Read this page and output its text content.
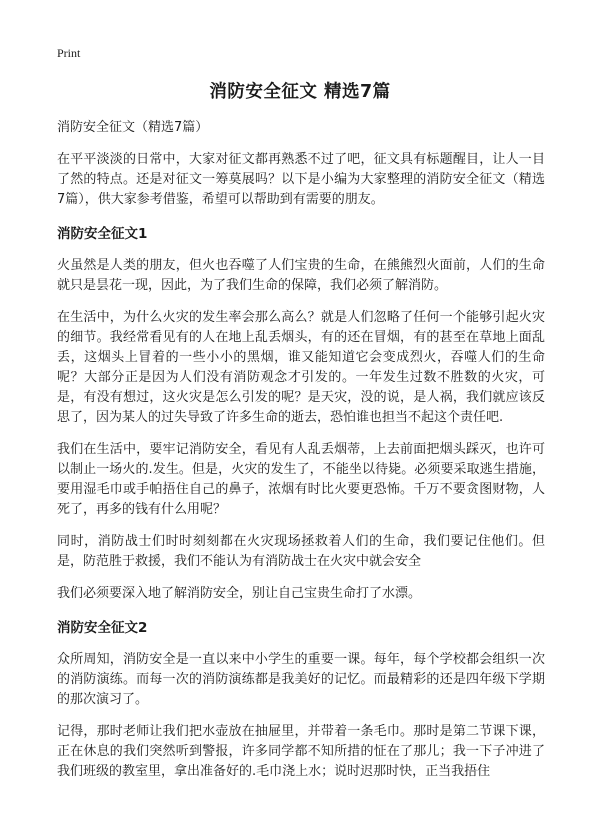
Print
消防安全征文 精选7篇
消防安全征文（精选7篇）

在平平淡淡的日常中，大家对征文都再熟悉不过了吧，征文具有标题醒目，让人一目了然的特点。还是对征文一筹莫展吗？以下是小编为大家整理的消防安全征文（精选7篇），供大家参考借鉴，希望可以帮助到有需要的朋友。

消防安全征文1

火虽然是人类的朋友，但火也吞噬了人们宝贵的生命，在熊熊烈火面前，人们的生命就只是昙花一现，因此，为了我们生命的保障，我们必须了解消防。

在生活中，为什么火灾的发生率会那么高么？就是人们忽略了任何一个能够引起火灾的细节。我经常看见有的人在地上乱丢烟头，有的还在冒烟，有的甚至在草地上面乱丢，这烟头上冒着的一些小小的黑烟，谁又能知道它会变成烈火，吞噬人们的生命呢？大部分正是因为人们没有消防观念才引发的。一年发生过数不胜数的火灾，可是，有没有想过，这火灾是怎么引发的呢？是天灾，没的说，是人祸，我们就应该反思了，因为某人的过失导致了许多生命的逝去，恐怕谁也担当不起这个责任吧.

我们在生活中，要牢记消防安全，看见有人乱丢烟蒂，上去前面把烟头踩灭，也许可以制止一场火的.发生。但是，火灾的发生了，不能坐以待毙。必须要采取逃生措施，要用湿毛巾或手帕捂住自己的鼻子，浓烟有时比火要更恐怖。千万不要贪图财物，人死了，再多的钱有什么用呢？

同时，消防战士们时时刻刻都在火灾现场拯救着人们的生命，我们要记住他们。但是，防范胜于救援，我们不能认为有消防战士在火灾中就会安全

我们必须要深入地了解消防安全，别让自己宝贵生命打了水漂。

消防安全征文2

众所周知，消防安全是一直以来中小学生的重要一课。每年，每个学校都会组织一次的消防演练。而每一次的消防演练都是我美好的记忆。而最精彩的还是四年级下学期的那次演习了。

记得，那时老师让我们把水壶放在抽屉里，并带着一条毛巾。那时是第二节课下课，正在休息的我们突然听到警报，许多同学都不知所措的怔在了那儿；我一下子冲进了我们班级的教室里，拿出准备好的.毛巾浇上水；说时迟那时快，正当我捂住
